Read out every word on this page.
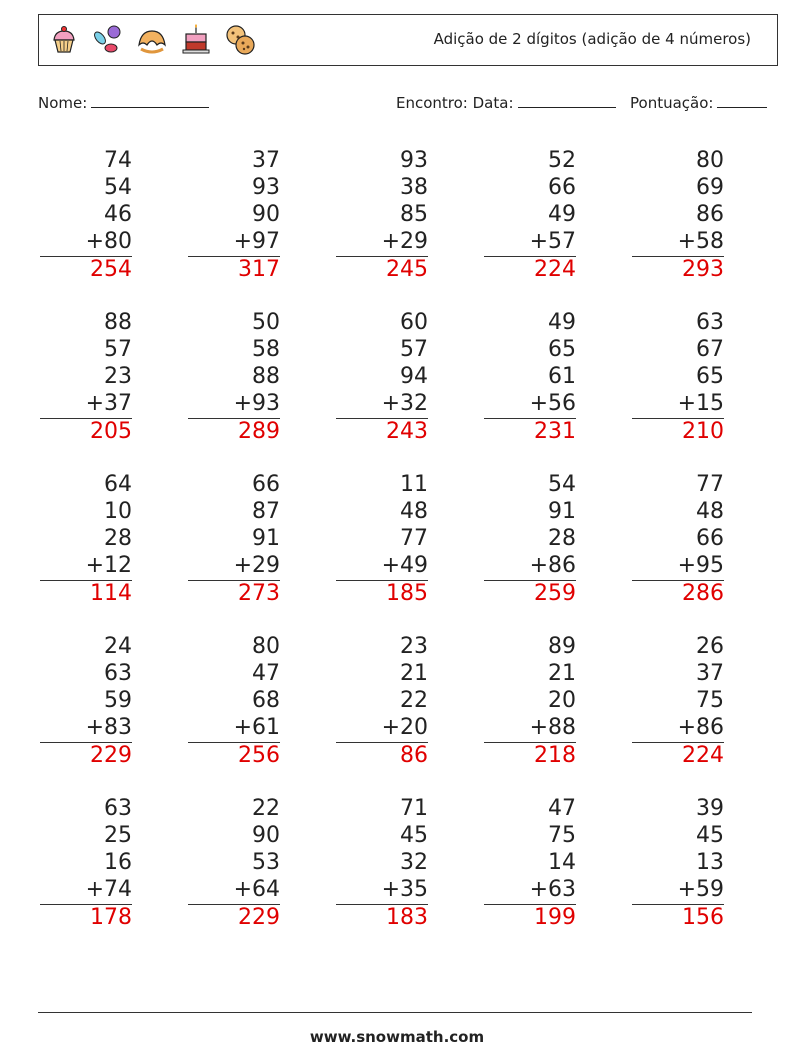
Adição de 2 dígitos (adição de 4 números)
Nome:	Encontro: Data:	Pontuação:
74
54
46
+80
254
37
93
90
+97
317
93
38
85
+29
245
52
66
49
+57
224
80
69
86
+58
293
88
57
23
+37
205
50
58
88
+93
289
60
57
94
+32
243
49
65
61
+56
231
63
67
65
+15
210
64
10
28
+12
114
66
87
91
+29
273
11
48
77
+49
185
54
91
28
+86
259
77
48
66
+95
286
24
63
59
+83
229
80
47
68
+61
256
23
21
22
+20
86
89
21
20
+88
218
26
37
75
+86
224
63
25
16
+74
178
22
90
53
+64
229
71
45
32
+35
183
47
75
14
+63
199
39
45
13
+59
156
www.snowmath.com
